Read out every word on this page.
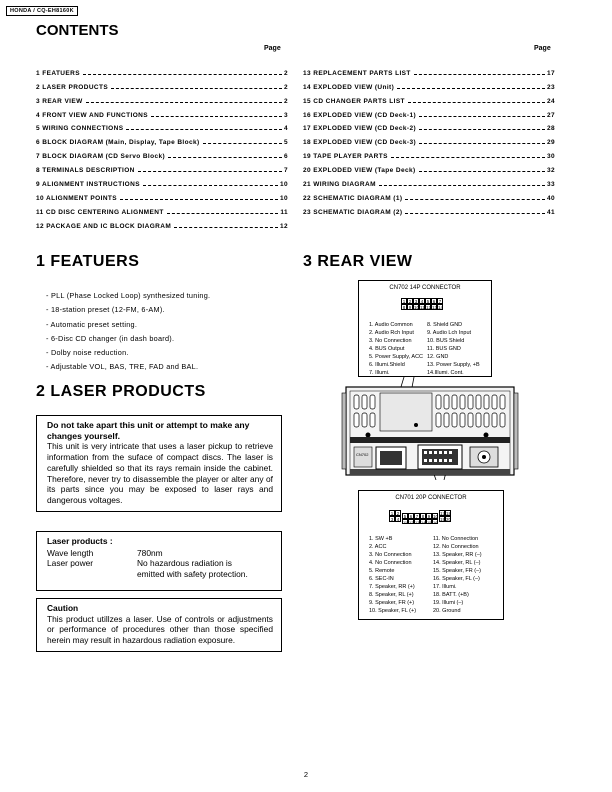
HONDA / CQ-EH8160K
CONTENTS
Page	Page
1 FEATUERS	2
2 LASER PRODUCTS	2
3 REAR VIEW	2
4 FRONT VIEW AND FUNCTIONS	3
5 WIRING CONNECTIONS	4
6 BLOCK DIAGRAM (Main, Display, Tape Block)	5
7 BLOCK DIAGRAM (CD Servo Block)	6
8 TERMINALS DESCRIPTION	7
9 ALIGNMENT INSTRUCTIONS	10
10 ALIGNMENT POINTS	10
11 CD DISC CENTERING ALIGNMENT	11
12 PACKAGE AND IC BLOCK DIAGRAM	12
13 REPLACEMENT PARTS LIST	17
14 EXPLODED VIEW (Unit)	23
15 CD CHANGER PARTS LIST	24
16 EXPLODED VIEW (CD Deck-1)	27
17 EXPLODED VIEW (CD Deck-2)	28
18 EXPLODED VIEW (CD Deck-3)	29
19 TAPE PLAYER PARTS	30
20 EXPLODED VIEW (Tape Deck)	32
21 WIRING DIAGRAM	33
22 SCHEMATIC DIAGRAM (1)	40
23 SCHEMATIC DIAGRAM (2)	41
1 FEATUERS
- PLL (Phase Locked Loop) synthesized tuning.
- 18-station preset (12-FM, 6-AM).
- Automatic preset setting.
- 6-Disc CD changer (in dash board).
- Dolby noise reduction.
- Adjustable VOL, BAS, TRE, FAD and BAL.
2 LASER PRODUCTS
Do not take apart this unit or attempt to make any changes yourself.
This unit is very intricate that uses a laser pickup to retrieve information from the suface of compact discs. The laser is carefully shielded so that its rays remain inside the cabinet. Therefore, never try to disassemble the player or alter any of its parts since you may be exposed to laser rays and dangerous voltages.
Laser products :
Wave length	780nm
Laser power	No hazardous radiation is
emitted with safety protection.
Caution
This product utillzes a laser. Use of controls or adjustments or performance of procedures other than those specified herein may result in hazardous radiation exposure.
3 REAR VIEW
CN702 14P CONNECTOR
1 2 3 4 5 6 7
8 9 10 11 12 13 14
1. Audio Common
2. Audio Rch Input
3. No Connection
4. BUS Output
5. Power Supply, ACC
6. Illumi.Shield
7. Illumi.
8. Shield GND
9. Audio Lch Input
10. BUS Shield
11. BUS GND
12. GND
13. Power Supply, +B
14.Illumi. Cont.
CN702
CN701 20P CONNECTOR
1 2
3 4
5 6 7 8 9 10
11 12 13 14 15 16
17 18
19 20
1. SW +B
2. ACC
3. No Connection
4. No Connection
5. Remote
6. SEC-IN
7. Speaker, RR (+)
8. Speaker, RL (+)
9. Speaker, FR (+)
10. Speaker, FL (+)
11. No Connection
12. No Connection
13. Speaker, RR (–)
14. Speaker, RL (–)
15. Speaker, FR (–)
16. Speaker, FL (–)
17. Illumi.
18. BATT. (+B)
19. Illumi (–)
20. Ground
2
